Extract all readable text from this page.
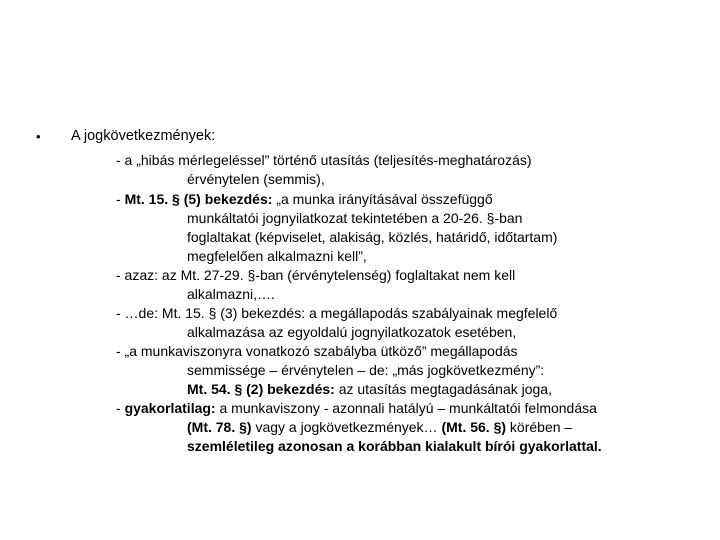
• A jogkövetkezmények:
- a „hibás mérlegeléssel” történő utasítás (teljesítés-meghatározás)
érvénytelen (semmis),
- Mt. 15. § (5) bekezdés: „a munka irányításával összefüggő
munkáltatói jognyilatkozat tekintetében a 20-26. §-ban
foglaltakat (képviselet, alakiság, közlés, határidő, időtartam)
megfelelően alkalmazni kell”,
- azaz: az Mt. 27-29. §-ban (érvénytelenség) foglaltakat nem kell
alkalmazni,….
- …de: Mt. 15. § (3) bekezdés: a megállapodás szabályainak megfelelő
alkalmazása az egyoldalú jognyilatkozatok esetében,
- „a munkaviszonyra vonatkozó szabályba ütköző” megállapodás
semmissége – érvénytelen – de: „más jogkövetkezmény”:
Mt. 54. § (2) bekezdés: az utasítás megtagadásának joga,
- gyakorlatilag: a munkaviszony - azonnali hatályú – munkáltatói felmondása
(Mt. 78. §) vagy a jogkövetkezmények… (Mt. 56. §) körében –
szemléletileg azonosan a korábban kialakult bírói gyakorlattal.
